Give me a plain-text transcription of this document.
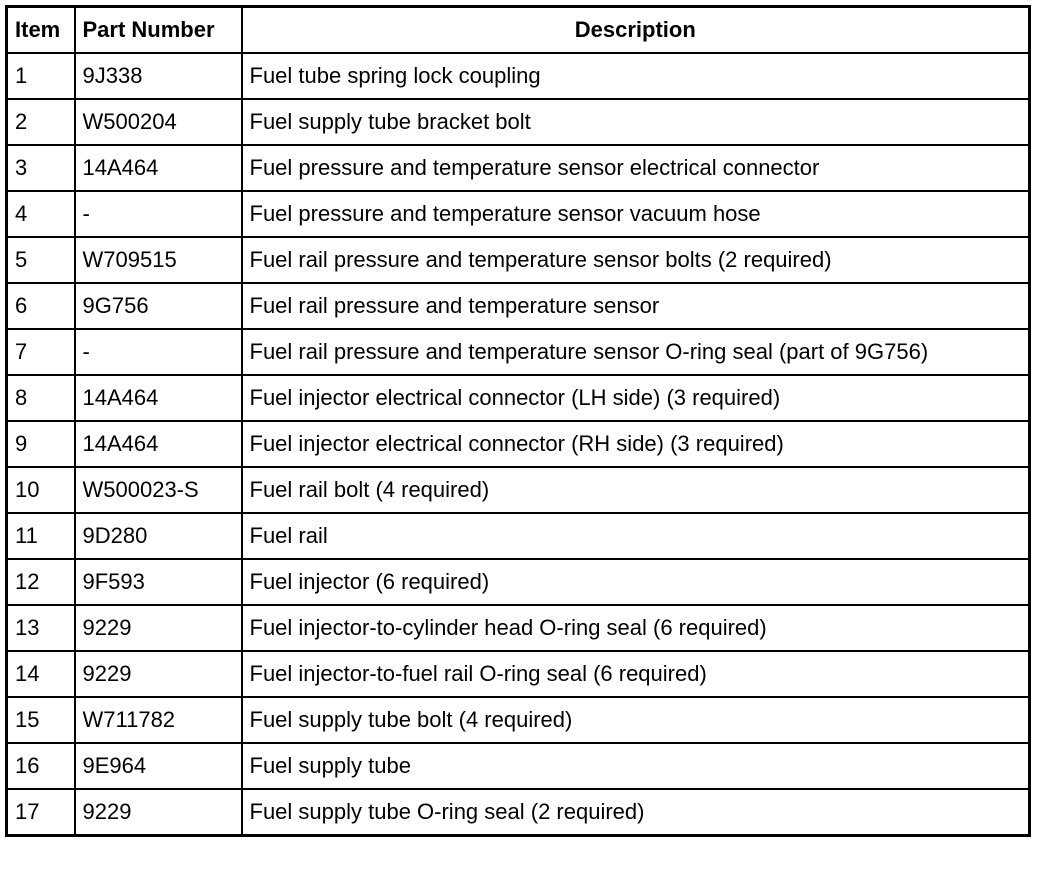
Item	Part Number	Description
1	9J338	Fuel tube spring lock coupling
2	W500204	Fuel supply tube bracket bolt
3	14A464	Fuel pressure and temperature sensor electrical connector
4	-	Fuel pressure and temperature sensor vacuum hose
5	W709515	Fuel rail pressure and temperature sensor bolts (2 required)
6	9G756	Fuel rail pressure and temperature sensor
7	-	Fuel rail pressure and temperature sensor O-ring seal (part of 9G756)
8	14A464	Fuel injector electrical connector (LH side) (3 required)
9	14A464	Fuel injector electrical connector (RH side) (3 required)
10	W500023-S	Fuel rail bolt (4 required)
11	9D280	Fuel rail
12	9F593	Fuel injector (6 required)
13	9229	Fuel injector-to-cylinder head O-ring seal (6 required)
14	9229	Fuel injector-to-fuel rail O-ring seal (6 required)
15	W711782	Fuel supply tube bolt (4 required)
16	9E964	Fuel supply tube
17	9229	Fuel supply tube O-ring seal (2 required)
